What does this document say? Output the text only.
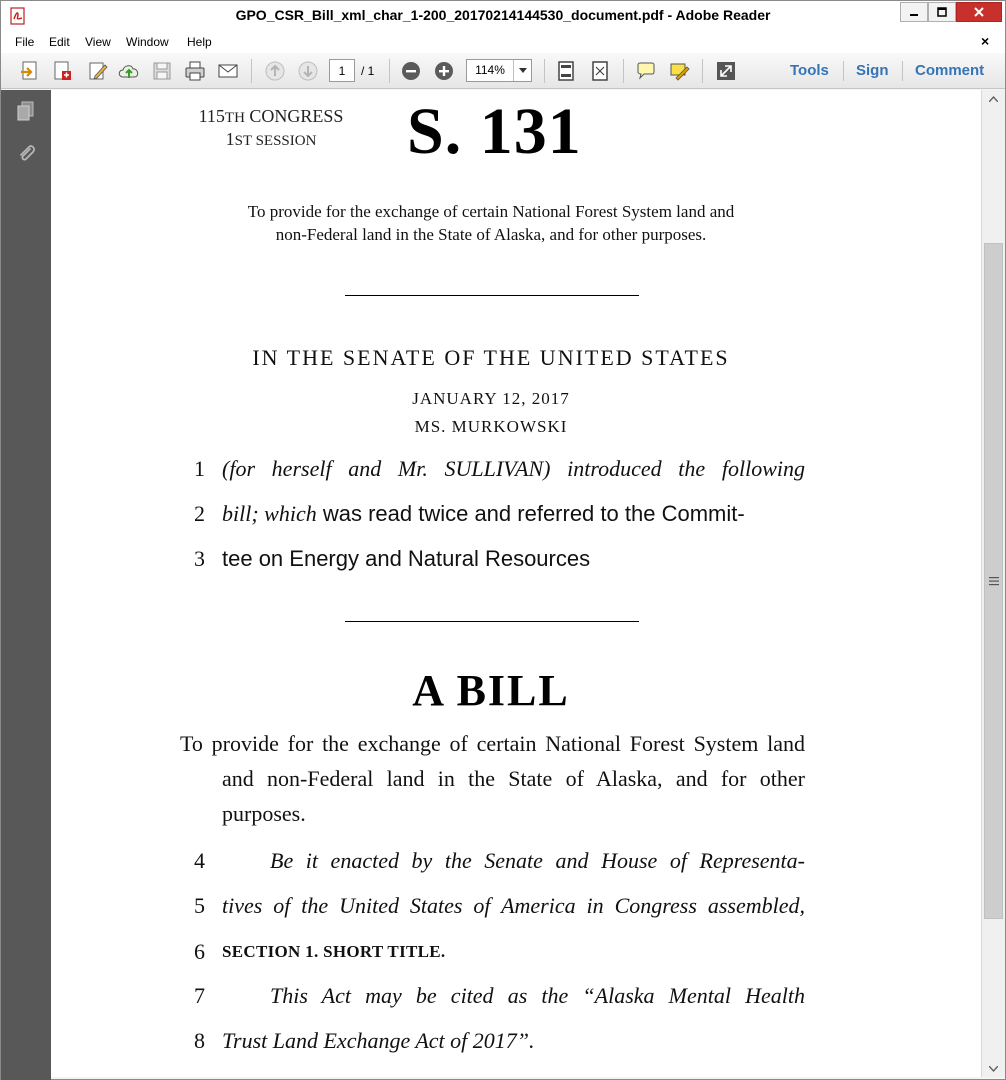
GPO_CSR_Bill_xml_char_1-200_20170214144530_document.pdf - Adobe Reader
File Edit View Window Help	×
1
/ 1	114%	Tools Sign Comment
115TH CONGRESS
1ST SESSION	S. 131
To provide for the exchange of certain National Forest System land and
non-Federal land in the State of Alaska, and for other purposes.
IN THE SENATE OF THE UNITED STATES
JANUARY 12, 2017
MS. MURKOWSKI
1 (for herself and Mr. SULLIVAN) introduced the following
2 bill; which was read twice and referred to the Commit-
3 tee on Energy and Natural Resources
A BILL
To provide for the exchange of certain National Forest System land and non-Federal land in the State of Alaska, and for other purposes.
4	Be it enacted by the Senate and House of Representa-
5 tives of the United States of America in Congress assembled,
6 SECTION 1. SHORT TITLE.
7	This Act may be cited as the “Alaska Mental Health
8 Trust Land Exchange Act of 2017”.
